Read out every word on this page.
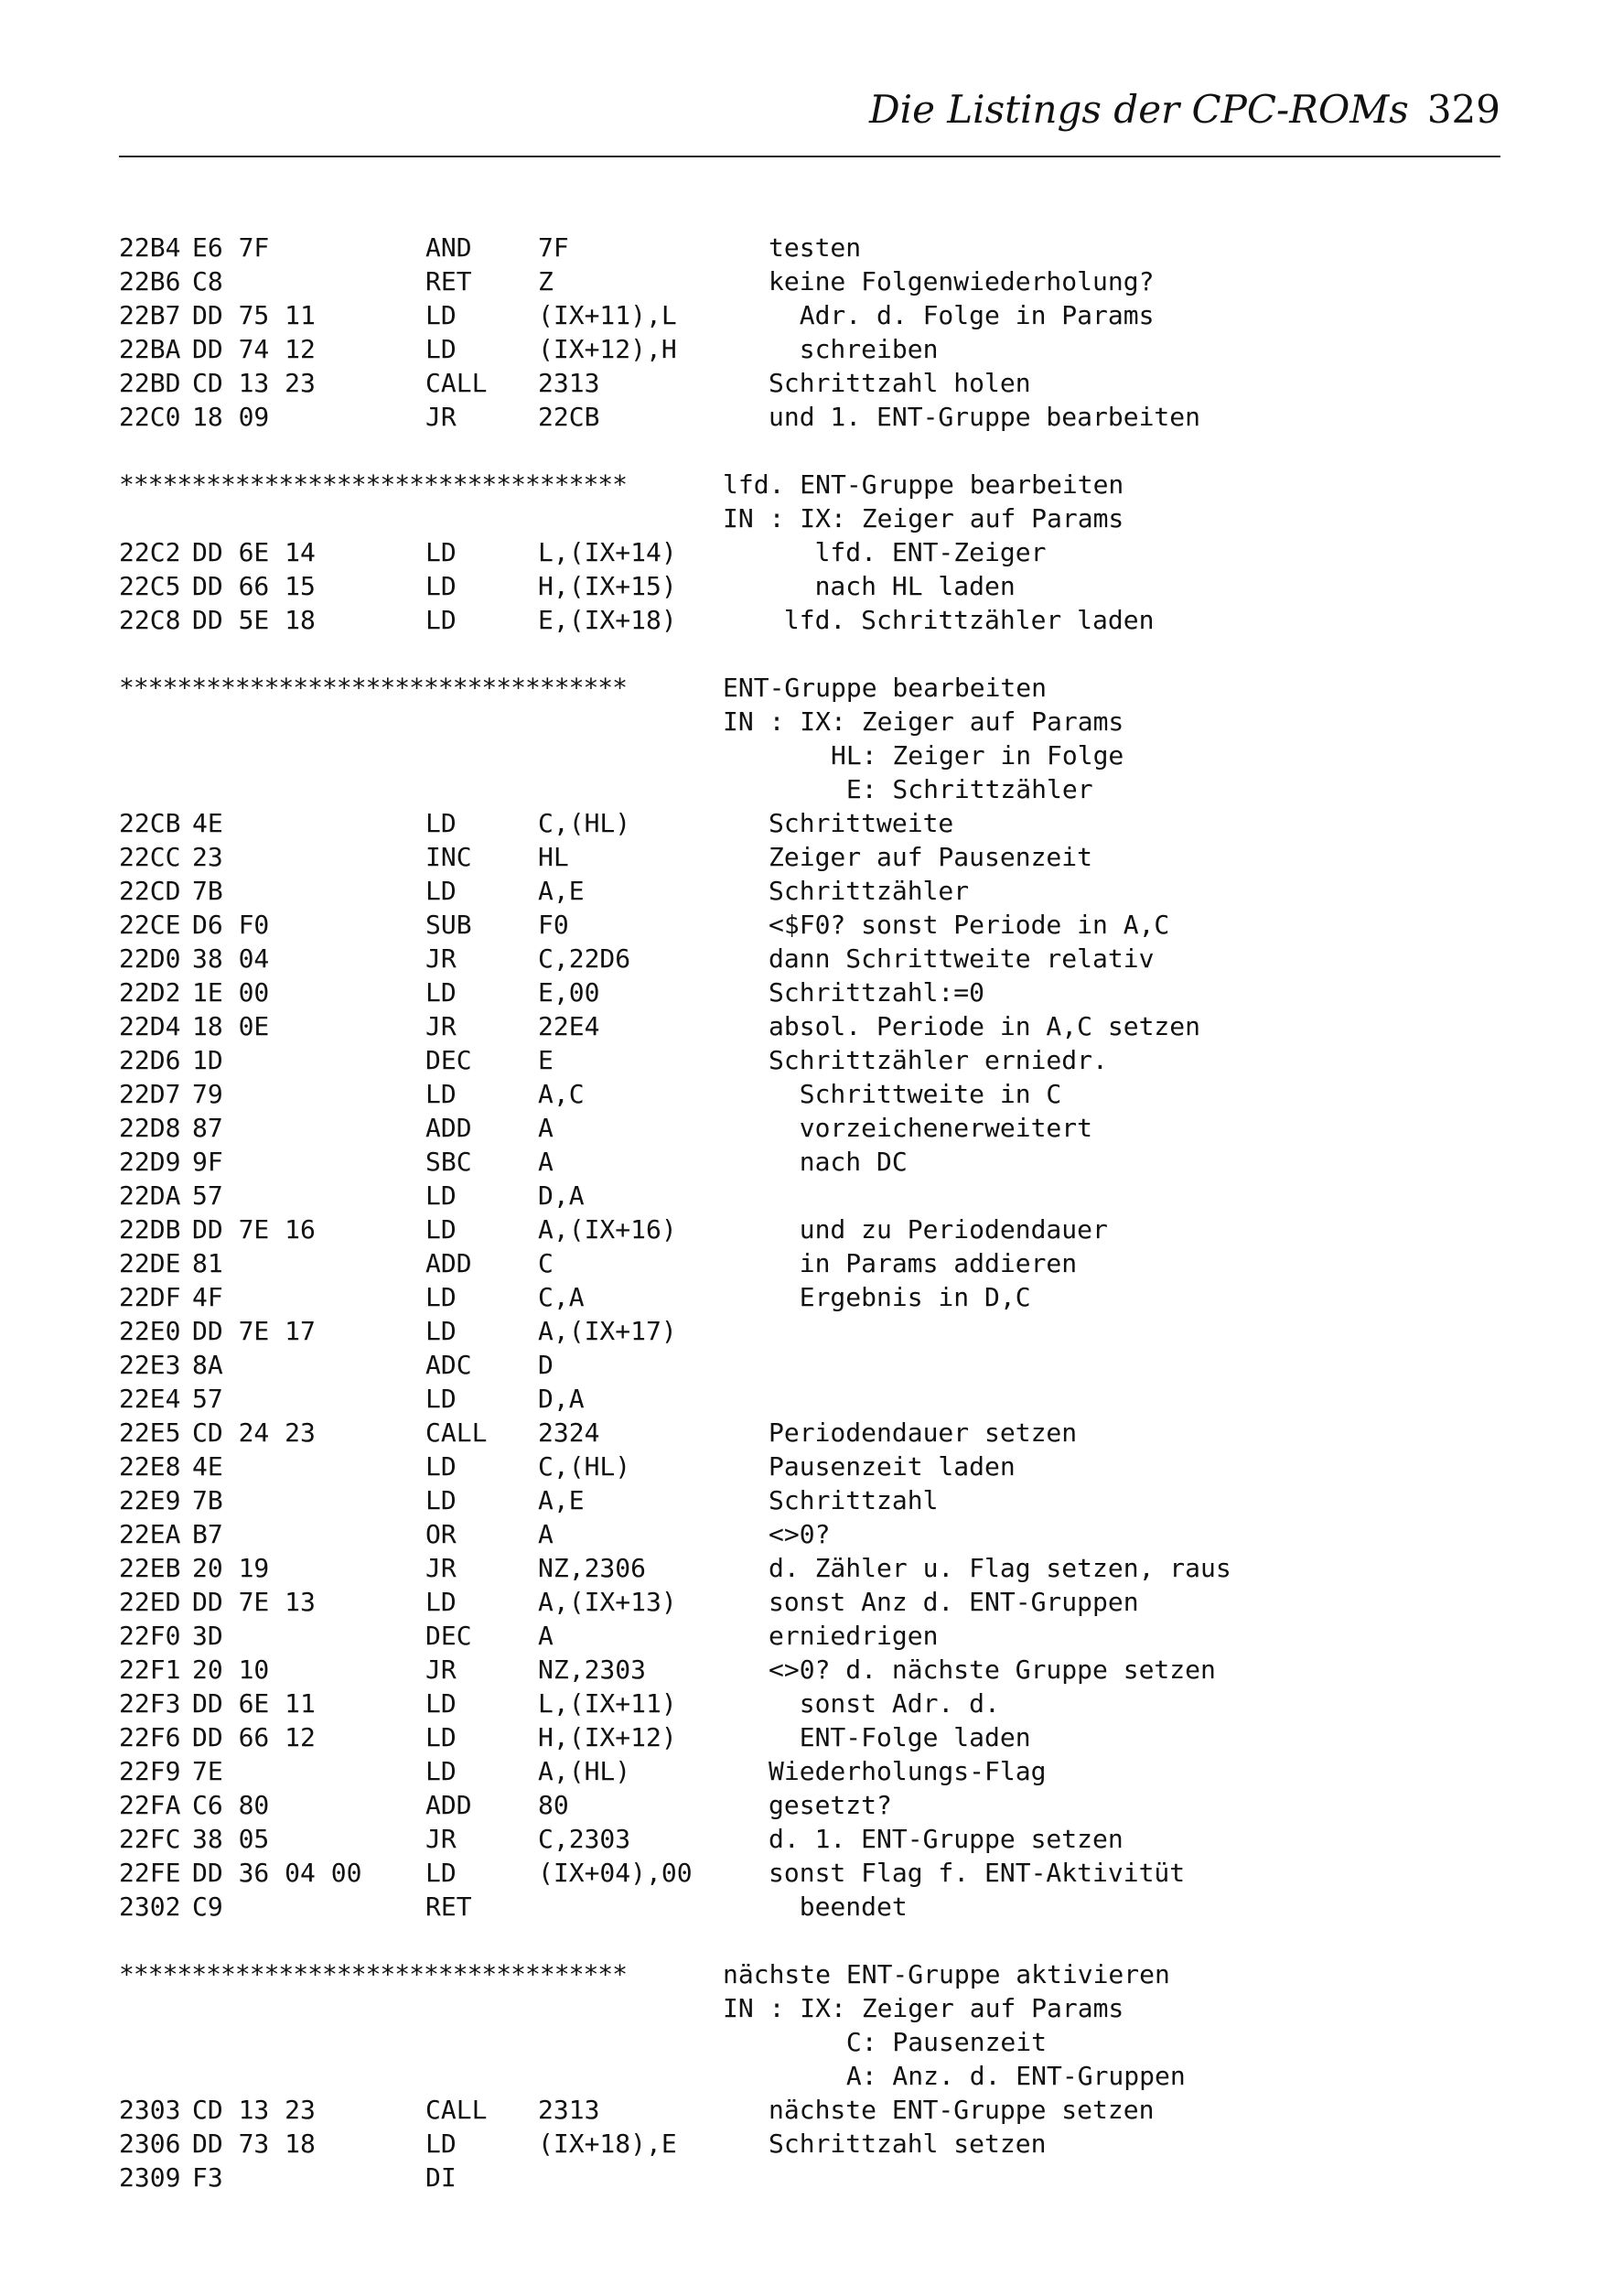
Die Listings der CPC-ROMs 329
22B4 E6 7F	AND	7F	testen
22B6 C8	RET	Z	keine Folgenwiederholung?
22B7 DD 75 11	LD	(IX+11),L	Adr. d. Folge in Params
22BA DD 74 12	LD	(IX+12),H	schreiben
22BD CD 13 23	CALL 2313	Schrittzahl holen
22C0 18 09	JR	22CB	und 1. ENT-Gruppe bearbeiten
***********************************	lfd. ENT-Gruppe bearbeiten
IN : IX: Zeiger auf Params
22C2 DD 6E 14	LD	L,(IX+14)	lfd. ENT-Zeiger
22C5 DD 66 15	LD	H,(IX+15)	nach HL laden
22C8 DD 5E 18	LD	E,(IX+18)	lfd. Schrittzähler laden
***********************************	ENT-Gruppe bearbeiten
IN : IX: Zeiger auf Params
HL: Zeiger in Folge
E: Schrittzähler
22CB 4E	LD	C,(HL)	Schrittweite
22CC 23	INC	HL	Zeiger auf Pausenzeit
22CD 7B	LD	A,E	Schrittzähler
22CE D6 F0	SUB	F0	<$F0? sonst Periode in A,C
22D0 38 04	JR	C,22D6	dann Schrittweite relativ
22D2 1E 00	LD	E,00	Schrittzahl:=0
22D4 18 0E	JR	22E4	absol. Periode in A,C setzen
22D6 1D	DEC	E	Schrittzähler erniedr.
22D7 79	LD	A,C	Schrittweite in C
22D8 87	ADD	A	vorzeichenerweitert
22D9 9F	SBC	A	nach DC
22DA 57	LD	D,A
22DB DD 7E 16	LD	A,(IX+16)	und zu Periodendauer
22DE 81	ADD	C	in Params addieren
22DF 4F	LD	C,A	Ergebnis in D,C
22E0 DD 7E 17	LD	A,(IX+17)
22E3 8A	ADC	D
22E4 57	LD	D,A
22E5 CD 24 23	CALL 2324	Periodendauer setzen
22E8 4E	LD	C,(HL)	Pausenzeit laden
22E9 7B	LD	A,E	Schrittzahl
22EA B7	OR	A	<>0?
22EB 20 19	JR	NZ,2306	d. Zähler u. Flag setzen, raus
22ED DD 7E 13	LD	A,(IX+13)	sonst Anz d. ENT-Gruppen
22F0 3D	DEC	A	erniedrigen
22F1 20 10	JR	NZ,2303	<>0? d. nächste Gruppe setzen
22F3 DD 6E 11	LD	L,(IX+11)	sonst Adr. d.
22F6 DD 66 12	LD	H,(IX+12)	ENT-Folge laden
22F9 7E	LD	A,(HL)	Wiederholungs-Flag
22FA C6 80	ADD	80	gesetzt?
22FC 38 05	JR	C,2303	d. 1. ENT-Gruppe setzen
22FE DD 36 04 00 LD	(IX+04),00	sonst Flag f. ENT-Aktivitüt
2302 C9	RET	beendet
***********************************	nächste ENT-Gruppe aktivieren
IN : IX: Zeiger auf Params
C: Pausenzeit
A: Anz. d. ENT-Gruppen
2303 CD 13 23	CALL 2313	nächste ENT-Gruppe setzen
2306 DD 73 18	LD	(IX+18),E	Schrittzahl setzen
2309 F3	DI
